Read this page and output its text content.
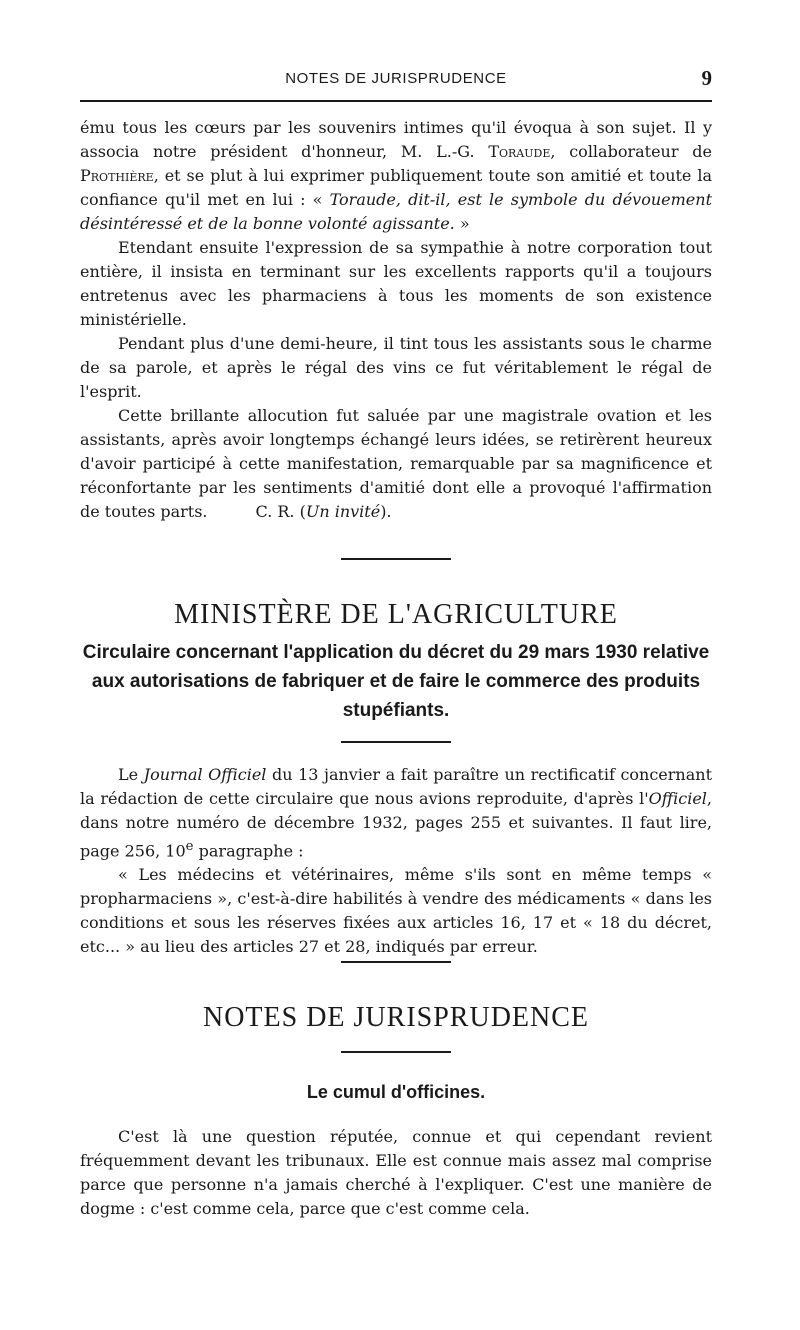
NOTES DE JURISPRUDENCE	9

ému tous les cœurs par les souvenirs intimes qu'il évoqua à son sujet. Il y associa notre président d'honneur, M. L.-G. Toraude, collaborateur de Prothière, et se plut à lui exprimer publiquement toute son amitié et toute la confiance qu'il met en lui : « Toraude, dit-il, est le symbole du dévouement désintéressé et de la bonne volonté agissante. »

Etendant ensuite l'expression de sa sympathie à notre corporation tout entière, il insista en terminant sur les excellents rapports qu'il a toujours entretenus avec les pharmaciens à tous les moments de son existence ministérielle.

Pendant plus d'une demi-heure, il tint tous les assistants sous le charme de sa parole, et après le régal des vins ce fut véritablement le régal de l'esprit.

Cette brillante allocution fut saluée par une magistrale ovation et les assistants, après avoir longtemps échangé leurs idées, se retirèrent heureux d'avoir participé à cette manifestation, remarquable par sa magnificence et réconfortante par les sentiments d'amitié dont elle a provoqué l'affirmation de toutes parts.	C. R. (Un invité).

MINISTÈRE DE L'AGRICULTURE
Circulaire concernant l'application du décret du 29 mars 1930 relative aux autorisations de fabriquer et de faire le commerce des produits stupéfiants.

Le Journal Officiel du 13 janvier a fait paraître un rectificatif concernant la rédaction de cette circulaire que nous avions reproduite, d'après l'Officiel, dans notre numéro de décembre 1932, pages 255 et suivantes. Il faut lire, page 256, 10e paragraphe :

« Les médecins et vétérinaires, même s'ils sont en même temps « propharmaciens », c'est-à-dire habilités à vendre des médicaments « dans les conditions et sous les réserves fixées aux articles 16, 17 et « 18 du décret, etc... » au lieu des articles 27 et 28, indiqués par erreur.

NOTES DE JURISPRUDENCE
Le cumul d'officines.

C'est là une question réputée, connue et qui cependant revient fréquemment devant les tribunaux. Elle est connue mais assez mal comprise parce que personne n'a jamais cherché à l'expliquer. C'est une manière de dogme : c'est comme cela, parce que c'est comme cela.
